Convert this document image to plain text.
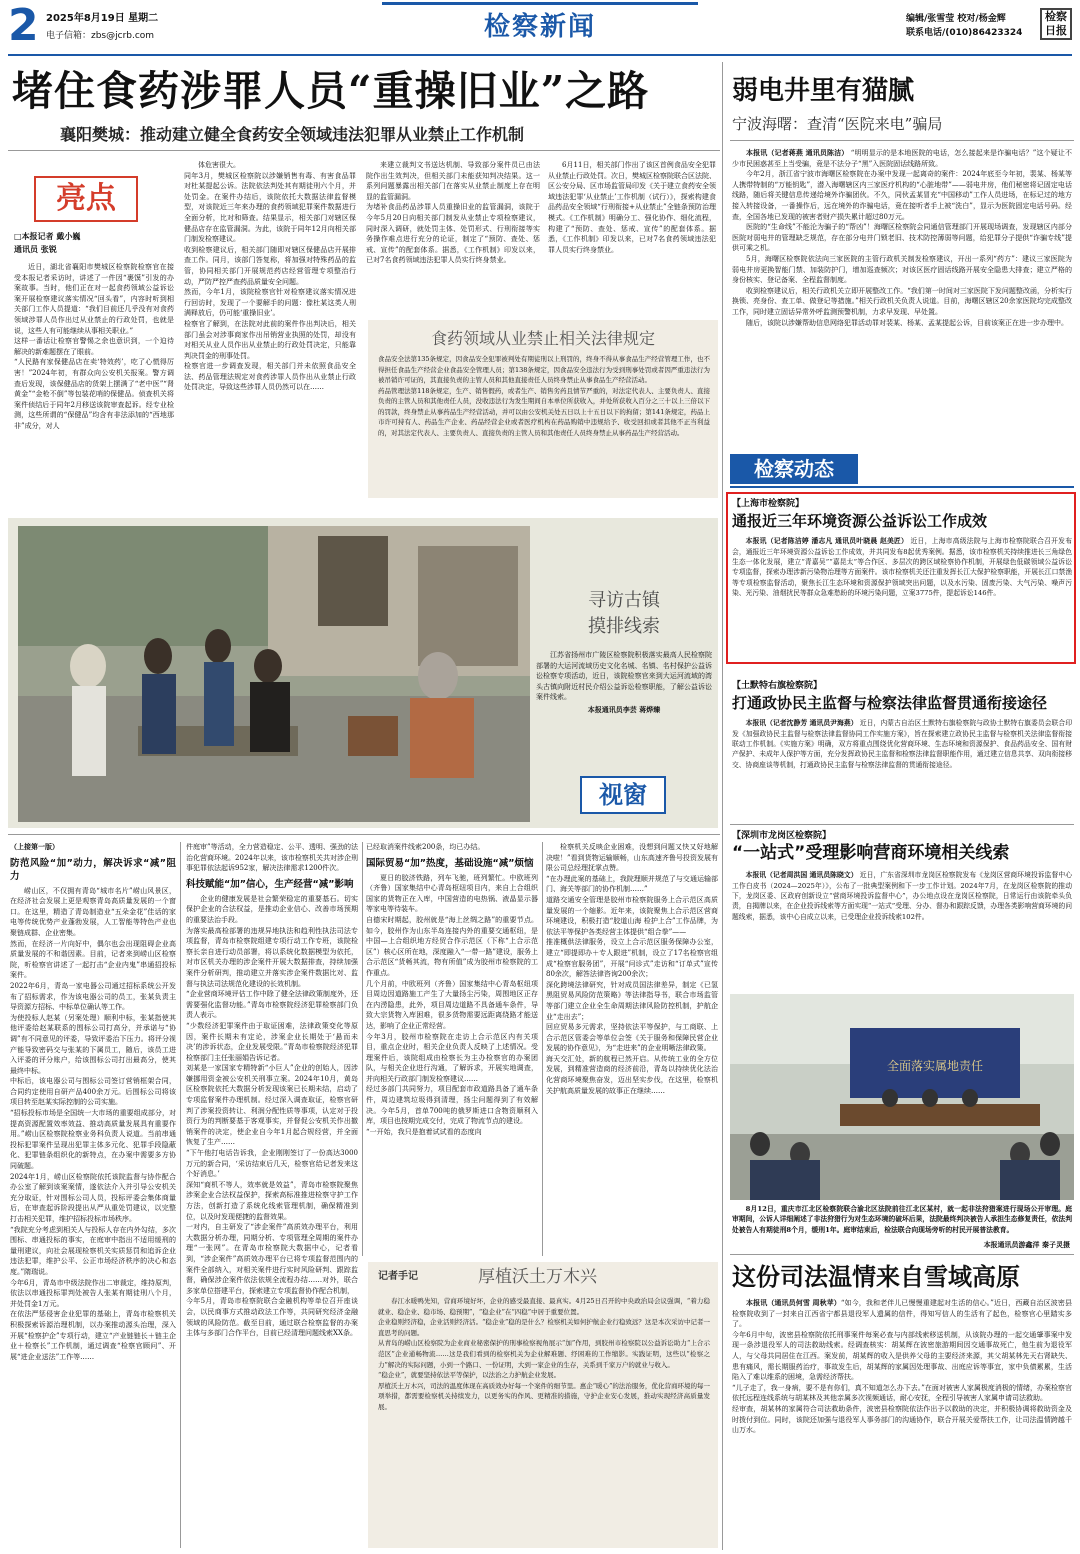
2 2025年8月19日 星期二
电子信箱：zbs@jcrb.com	检察新闻	编辑/张雪莹 校对/杨金辉
联系电话/(010)86423324
检察日报
堵住食药涉罪人员“重操旧业”之路
襄阳樊城：推动建立健全食药安全领域违法犯罪从业禁止工作机制
亮点
□本报记者 戴小巍
通讯员 张锐
近日，湖北省襄阳市樊城区检察院检察官在接受本报记者采访时，讲述了一件因“裹馍”引发的办案故事。当时，他们正在对一起食药领域公益诉讼案开展检察建议落实情况“回头看”，内容时听到相关部门工作人员提道：“我们目前还几乎没有对食药领域涉罪人员作出过从业禁止的行政处罚，也就是说，这些人有可能继续从事相关职业。”
这样一番话让检察官警惕之余也意识到，一个迫待解决的新难题摆在了眼前。
“人民路有家保健品店在卖‘特效药’，吃了心慌得厉害！”2024年初，有群众向公安机关报案。警方调查后发现，该保健品店的货架上摆满了“老中医”“肾黄金”“金枪不倒”等包装花哨的保健品。侦查机关将案件侦结后于同年2月移送该院审查起诉。经专业检测，这些所谓的“保健品”均含有非法添加的“西地那非”成分，对人
体危害很大。
同年3月，樊城区检察院以涉嫌销售有毒、有害食品罪对杜某提起公诉。法院依法判处其有期徒刑六个月，并处罚金。在案件办结后，该院依托大数据法律监督模型，对该院近三年来办理的食药领域犯罪案件数据进行全面分析，比对和筛查。结果显示，相关部门对辖区保健品店存在监管漏洞。为此，该院于同年12月向相关部门制发检察建议。
收到检察建议后，相关部门随即对辖区保健品店开展排查工作。同月，该部门答复称，将加强对特殊药品的监管，协同相关部门开展规范药店经营管理专项整治行动，严防严控严查药品质量安全问题。
然而，今年1月，该院检察官针对检察建议落实情况进行回访时，发现了一个要解手的问题：像杜某这类人刑满释放后，仍可能‘重操旧业’。
检察官了解到，在法院对此前的案件作出判决后，相关部门虽会对涉事商家作出吊销营业执照的处罚，却没有对相关从业人员作出从业禁止的行政处罚决定，只能靠判决罚金的刑事处罚。
检察官进一步调查发现，相关部门并未依照食品安全法、药品管理法规定对食药涉罪人员作出从业禁止行政处罚决定，导致这些涉罪人员仍然可以在……
来建立裁判文书送达机制、导致部分案件员已由法院作出生效判决，但相关部门未能获知判决结果。这一系列问题暴露出相关部门在落实从业禁止制度上存在明显的监管漏洞。
为堵补食品药品涉罪人员重操旧业的监管漏洞，该院于今年5月20日向相关部门制发从业禁止专项检察建议，同时深入调研，就处罚主体、处罚形式、行刑衔接等实务操作难点进行充分的论证，制定了“预防、查处、惩戒、宣传”的配套体系。据悉，《工作机制》印发以来，已对7名食药领域违法犯罪人员实行终身禁业。
6月11日，相关部门作出了该区首例食品安全犯罪从业禁止行政处罚。次日，樊城区检察院联合区法院、区公安分局、区市场监管局印发《关于建立食药安全领域违法犯罪‘从业禁止’工作机制（试行）》，探索构建食品药品安全领域“行刑衔接+从业禁止”全链条预防治理模式。《工作机制》明确分工、强化协作、细化流程，构建了“预防、查处、惩戒、宣传”的配套体系。据悉，《工作机制》印发以来，已对7名食药领域违法犯罪人员实行终身禁业。
食药领域从业禁止相关法律规定
食品安全法第135条规定，因食品安全犯罪被判处有期徒刑以上刑罚的，终身不得从事食品生产经营管理工作，也不得担任食品生产经营企业食品安全管理人员；第138条规定，因食品安全违法行为受到刑事处罚或者因严重违法行为被吊销许可证的，其直接负责的主管人员和其他直接责任人员终身禁止从事食品生产经营活动。
药品管理法第118条规定，生产、销售假药，或者生产、销售劣药且情节严重的，对法定代表人、主要负责人、直接负责的主管人员和其他责任人员，没收违法行为发生期间自本单位所获收入，并处所获收入百分之三十以上三倍以下的罚款，终身禁止从事药品生产经营活动，并可以由公安机关处五日以上十五日以下的拘留；第141条规定，药品上市许可持有人、药品生产企业、药品经营企业或者医疗机构在药品购销中违规给予、收受回扣或者其他不正当利益的，对其法定代表人、主要负责人、直接负责的主管人员和其他责任人员终身禁止从事药品生产经营活动。
寻访古镇
摸排线索
江苏省扬州市广陵区检察院积极落实最高人民检察院部署的大运河流域历史文化名城、名镇、名村保护公益诉讼检察专项活动，近日，该院检察官来到大运河流域的湾头古镇向附近村民介绍公益诉讼检察职能，了解公益诉讼案件线索。
本报通讯员李芸 蒋烨臻
视窗
弱电井里有猫腻
宁波海曙：查清“医院来电”骗局

本报讯（记者蒋燕 通讯员陈洁） “明明显示的是本地医院的电话，怎么接起来是诈骗电话？”这个疑让不少市民困惑甚至上当受骗，竟是不法分子“黑”入医院固话线路所致。

今年2月，浙江省宁波市海曙区检察院在办案中发现一起离奇的案件：2024年底至今年初，裴某、杨某等人携带特制的“万能钥匙”，潜入海曙辖区内三家医疗机构的“心脏地带”——弱电井房，他们秘密将记固定电话线路，随后将关键信息传递给境外诈骗团伙。不久，同伙孟某冒充“中国移动”工作人员进场，在标记过的地方接入转接设备，一番操作后，远在境外的诈骗电话，竟在接听者手上被“洗白”，显示为医院固定电话号码。经查，全国各地已发现的被害者财产损失累计超过80万元。

医院的“生命线”不能沦为骗子的“帮凶”！海曙区检察院会同通信管理部门开展现场调查，发现辖区内部分医院对弱电井的管理缺乏规范，存在部分电井门锁老旧、技术防控薄弱等问题，给犯罪分子提供“诈骗专线”提供可乘之机。

5月，海曙区检察院依法向三家医院的主管行政机关制发检察建议，开出一系列“药方”：建议三家医院为弱电井房更换智能门禁、加装防护门，增加巡查频次；对该区医疗固话线路开展安全隐患大排查；建立严格的身份核实、登记备案、全程监督制度。

收到检察建议后，相关行政机关立即开展整改工作。“我们第一时间对三家医院下发问题整改函，分析实行换锁、亮身份、查工单、做登记等措施。”相关行政机关负责人说道。目前，海曙区辖区20余家医院均完成整改工作，同时建立固话异常外呼监测预警机制，力求早发现、早处置。

随后，该院以涉嫌帮助信息网络犯罪活动罪对裴某、杨某、孟某提起公诉，目前该案正在进一步办理中。

检察动态
【上海市检察院】
通报近三年环境资源公益诉讼工作成效

本报讯（记者陈洁婷 潘志凡 通讯员叶晓晨 赵美匠） 近日，上海市高级法院与上海市检察院联合召开发布会，通报近三年环境资源公益诉讼工作成效，并共同发布8起优秀案例。据悉，该市检察机关持续推进长三角绿色生态一体化发展，建立“青嘉吴”“嘉昆太”等合作区、多层次的跨区域检察协作机制，开展绿色低碳领域公益诉讼专项监督，探索办理涉新污染物治理等方面案件。该市检察机关还注重发挥长江大保护检察职能，开展长江口禁渔等专项检察监督活动，聚焦长江生态环境和资源保护领域突出问题，以及水污染、固废污染、大气污染、噪声污染、光污染、油烟扰民等群众急难愁盼的环境污染问题，立案3775件，提起诉讼146件。

【土默特右旗检察院】
打通政协民主监督与检察法律监督贯通衔接途径

本报讯（记者沈静芳 通讯员尹海燕） 近日，内蒙古自治区土默特右旗检察院与政协土默特右旗委员会联合印发《加强政协民主监督与检察法律监督协同工作实施方案》，旨在探索建立政协民主监督与检察机关法律监督衔接联动工作机制。《实施方案》明确，双方将重点围绕优化营商环境、生态环境和资源保护、食品药品安全、国有财产保护、未成年人保护等方面，充分发挥政协民主监督和检察法律监督职能作用，通过建立信息共享、双向衔接移交、协商座谈等机制，打通政协民主监督与检察法律监督的贯通衔接途径。

【深圳市龙岗区检察院】
“一站式”受理影响营商环境相关线索

本报讯（记者周洪国 通讯员陈晓文） 近日，广东省深圳市龙岗区检察院发布《龙岗区营商环境投诉监督中心工作白皮书（2024—2025年）》，公布了一批典型案例和下一步工作计划。2024年7月，在龙岗区检察院的推动下，龙岗区委、区政府创新设立“营商环境投诉监督中心”，办公地点设在龙岗区检察院，日常运行由该院牵头负责，自揭牌以来，在企业投诉线索等方面实现“一站式”受理、分办、督办和跟踪反馈，办理各类影响营商环境的问题线索，据悉，该中心自成立以来，已受理企业投诉线索102件。

全面落实属地责任

8月12日，重庆市江北区检察院联合渝北区法院前往江北区某村，就一起非法狩猎案进行现场公开审理。庭审期间，公诉人详细阐述了非法狩猎行为对生态环境的破坏后果，法院最终判决被告人承担生态修复责任，依法判处被告人有期徒刑8个月，缓刑1年。庭审结束后，检法联合向现场旁听的村民开展普法教育。

本报通讯员游鑫洋 秦子灵摄
这份司法温情来自雪域高原
本报讯（通讯员何雪 周秋苹）“如今，我和老伴儿已慢慢重建起对生活的信心。”近日，西藏自治区波密县检察院收到了一封来自江西省宁都县退役军人遗属的信件，得知写信人的生活有了起色，检察官心里踏实多了。
今年6月中旬，波密县检察院依托刑事案件每案必查与内部线索移送机制，从该院办理的一起交通肇事案中发现一条涉退役军人的司法救助线索。经调查核实：胡某辉在波密旅游期间因交通事故死亡，他生前为退役军人，与父母共同居住在江西。案发前，胡某辉的收入是供养父母的主要经济来源，其父胡某林先天右肾缺失、患有痛风，需长期服药治疗，事故发生后，胡某辉的家属因处理事故、出庭应诉等事宜，家中负债累累，生活陷入了难以维系的困境，急需经济帮扶。
“儿子走了，我一身病，要不是有你们，真不知道怎么办下去。”在面对被害人家属极度消极的情绪，办案检察官依托远程连线系统与胡某林及其他亲属多次视频通话，耐心安抚，全程引导被害人家属申请司法救助。
经审查，胡某林的家属符合司法救助条件，波密县检察院依法作出予以救助的决定，并积极协调将救助资金及时拨付到位。同时，该院还加强与退役军人事务部门的沟通协作，联合开展关爱帮扶工作，让司法温情跨越千山万水。
（上接第一版）
防范风险“加”动力，解决诉求“减”阻力
崂山区，不仅拥有青岛“城市名片”崂山风景区，在经济社会发展上更是观察青岛高质量发展的一个窗口。在这里，精造了青岛制造业“五朵金花”佳话的家电等传统优势产业蓬勃发展，人工智能等特色产业也聚链成群、企业密集。
然而，在经济一片向好中，偶尔也会出现阻碍企业高质量发展的不和谐因素。目前，记者来到崂山区检察院，听检察官讲述了一起打击“企业内鬼”串通招投标案件。
2022年6月，青岛一家电器公司通过招标系统公开发布了招标需求，作为该电器公司的员工，张某负责主导资源方招标、中标单位确认等工作。
为使投标人赵某（另案处理）顺利中标，张某指使其他评委给赵某联系的围标公司打高分，并承诺与“协调”有不同意见的评委，导致评委治下压力。将评分视产能导致密码交与张某的下属员工，随后，该员工进入评委的评分账户，给该围标公司打出最高分，使其最终中标。
中标后，该电器公司与围标公司签订营销框架合同，合同约定使用自研产品400余万元。后围标公司将该项目转至赵某实际控制的公司实施。
“招标投标市场是全国统一大市场的重要组成部分，对提高资源配置效率效益、推动高质量发展具有重要作用。”崂山区检察院检察业务科负责人说道。当前串通投标犯罪案件呈现出犯罪主体多元化、犯罪手段隐蔽化、犯罪链条组织化的新特点，在办案中需要多方协同破题。
2024年1月，崂山区检察院依托该院监督与协作配合办公室了解到该案案情，遂依法介入并引导公安机关充分取证，针对围标公司人员，投标评委会集体商量后，在审查起诉阶段提出从严从重处罚建议，以完整打击相关犯罪，维护招标投标市场秩序。
“我院充分考虑到相关人与投标人存在内外勾结，多次围标、串通投标的事实，在庭审中指出不适用缓刑的量刑建议，向社会展现检察机关实质惩罚和追诉企业违法犯罪，维护公平、公正市场经济秩序的决心和态度。”隋瑞说。
今年6月，青岛市中级法院作出二审裁定，维持原判，依法以串通投标罪判处被告人张某有期徒刑八个月，并处罚金1万元。
在依法严惩侵害企业犯罪的基础上，青岛市检察机关积极探索诉源治理机制，以办案推动源头治理，深入开展“检察护企”专项行动，建立“产业链链长＋链主企业＋检察长”工作机制，通过调查“检察官顾问”、开展“进企业送法”工作等……
件庭审”等活动，全力营造稳定、公平、透明、强劲的法治化营商环境。2024年以来，该市检察机关共对涉企刑事犯罪依法起诉952家，解决法律需求1200件次。
科技赋能“加”信心，生产经营“减”影响
企业的健康发展是社会繁荣稳定的重要基石。切实保护企业的合法权益，是推动企业信心、改善市场预期的重要法治手段。
为落实最高检部署的违规异地执法和趋利性执法司法专项监督，青岛市检察院组建专项行动工作专班，该院检察长亲自进行动员部署，将以系统化数据模型为依托，对市区机关办理的涉企案件开展大数据排查，持续加强案件分析研判，推动建立并落实涉企案件数据比对、监督与执法司法规范化建设的长效机制。
“企业营商环境评估工作中除了健全法律政策制度外，还需要强化监督功能。”青岛市检察院经济犯罪检察部门负责人表示。
“少数经济犯罪案件由于取证困难，法律政策变化等原因，案件长期未有定论，涉案企业长期处于‘悬而未决’的涉诉状态，企业发展受限。”青岛市检察院经济犯罪检察部门主任张丽娟告诉记者。
刘某是一家国家专精特新“小巨人”企业的创始人，因涉嫌挪用资金被公安机关刑事立案。2024年10月，黄岛区检察院依托大数据分析发现该案已长期未结，启动了专项监督案件办理机制。经过深入调查取证，检察官研判了涉案投资转让、利润分配性质等事项，认定对于投资行为的判断要基于客观事实，并督促公安机关作出撤销案件的决定，使企业自今年1月起合规经营，并全面恢复了生产……
“下午他打电话告诉我，企业刚刚签订了一份高达3000万元的新合同，‘采访结束后几天，检察官给记者发来这个好消息。’
深知“商机不等人，效率就是效益”，青岛市检察院聚焦涉案企业合法权益保护，探索高标准推进检察守护工作方法，创新打造了系统化线索管理机制，确保精准到位，以及时发现便捷的监督效果。
一对内，自主研发了“涉企案件”高质效办理平台，利用大数据分析办理，同期分析、专项管理全周期的案件办理“一张网”。在青岛市检察院大数据中心，记者看到，“涉企案件”高质效办理平台已将专项监督范围内的案件全部纳入，对相关案件进行实时风险研判、跟踪监督，确保涉企案件依法依规全流程办结……对外，联合多家单位搭建平台，探索建立专项监督协作配合机制，
今年5月，青岛市检察院联合金融机构等单位召开座谈会，以民商事方式推动政法工作等，共同研究经济金融领域的风险防范。截至目前，通过联合检察监督的办案主体与多部门合作平台，目前已经清理问题线索XX条。
已经取消案件线索200条，均已办结。
国际贸易“加”热度，基础设施“减”烦恼
夏日的胶济铁路，列车飞驰，班列繁忙。中欧班列（齐鲁）国家集结中心青岛枢纽项目内，来自上合组织国家的货物正在入库，中国营造的电热锅、液晶显示器等家电等待装车。
自德宋时期起，胶州就是“海上丝绸之路”的重要节点。如今，胶州作为山东半岛连接内外的重要交通枢纽，是中国—上合组织地方经贸合作示范区（下称“上合示范区”）核心区所在地，深度融入“一带一路”建设，服务上合示范区“货畅其流，物有所值”成为胶州市检察院的工作重点。
几个月前，中欧班列（齐鲁）国家集结中心青岛枢纽项目周边因道路施工产生了大量扬尘污染，周围地区正存在内涝隐患，此外，项目周边道路不具备通车条件，导致大宗货物入库困难，很多货物需要远距离绕路才能送达，影响了企业正常经营。
今年3月，胶州市检察院在走访上合示范区内有关项目，重点企业时，相关企业负责人反映了上述情况。受理案件后，该院组成由检察长为主办检察官的办案团队，与相关企业进行沟通，了解诉求，开展实地调查，并向相关行政部门制发检察建议……
经过多部门共同努力，项目配套市政道路具备了通车条件，周边建筑垃圾得到清理，扬尘问题得到了有效解决。今年5月，首单700吨的俄罗斯进口含物资顺利入库，项目也按期完成交付，完成了物流节点的建设。
“一开始，我只是抱着试试看的态度向
检察机关反映企业困难，没想到问题又快又好地解决啦！”看到货物运输顺畅，山东高速齐鲁号投资发展有限公司总经理抚掌点赞。
“在办理此案的基础上，我院理顺并规范了与交通运输部门、海关等部门的协作机制……”
道路交通安全管理是胶州市检察院服务上合示范区高质量发展的一个缩影。近年来，该院聚焦上合示范区营商环境建设，积极打造“胶道山海 检护上合”工作品牌，为依法平等保护各类经营主体提供“组合拳”——
推准概供法律服务，设立上合示范区服务保障办公室，建立“即提即办＋专人跟进”机制，设立了17名检察官组成“检察官服务团”，开展“问诊式”走访和“订单式”宣传80余次，解答法律咨询200余次；
深化跨境法律研究，针对成员国法律差异，制定《已氢黑阻贸易风险防范策略》等法律指导书，联合市场监管等部门建立企业全生命周期法律风险防控机制，护航企业“走出去”；
回应贸易多元需求，坚持依法平等保护，与工商联、上合示范区管委会等单位会签《关于服务和保障民营企业发展的协作意见》，为“走进来”的企业明晰法律政策。
海天交汇处，新的航程已然开启。从传统工业的全方位发展，到精准营造商的经济前沿，青岛以持续优化法治化营商环境聚焦奋发，迈出坚实步伐，在这里，检察机关护航高质量发展的故事正在继续……
记者手记	厚植沃土万木兴
春江水暖鸭先知，营商环境好坏，企业的感受最直接、最真实。4月25日召开的中央政治局会议强调，“着力稳就业、稳企业、稳市场、稳预期”，“稳企业”在“四稳”中居于重要位置。
企业稳则经济稳，企业活则经济活。“稳企业”稳的是什么？检察机关如何护航企业行稳致远？这是本次采访中记者一直思考的问题。
从青岛的崂山区检察院为企业商业秘密保护的刑事检察视角展示“加”作用，到胶州市检察院以公益诉讼助力“上合示范区”企业通畅物流……这是我们看到的检察机关为企业解难题、纾困难的工作缩影。实践证明，这些以“检察之力”解决的实际问题，小到一个路口、一份证明，大到一家企业的生存，关系到千家万户的就业与收入。
“稳企业”，就要坚持依法平等保护，以法治之力护航企业发展。
厚植沃土万木兴，司法的温度体现在高质效办好每一个案件的细节里。惠企“暖心”的法治服务，优化营商环境的每一项举措，都需要检察机关持续发力，以更务实的作风、更精准的措施，守护企业安心发展，推动实现经济高质量发展。
